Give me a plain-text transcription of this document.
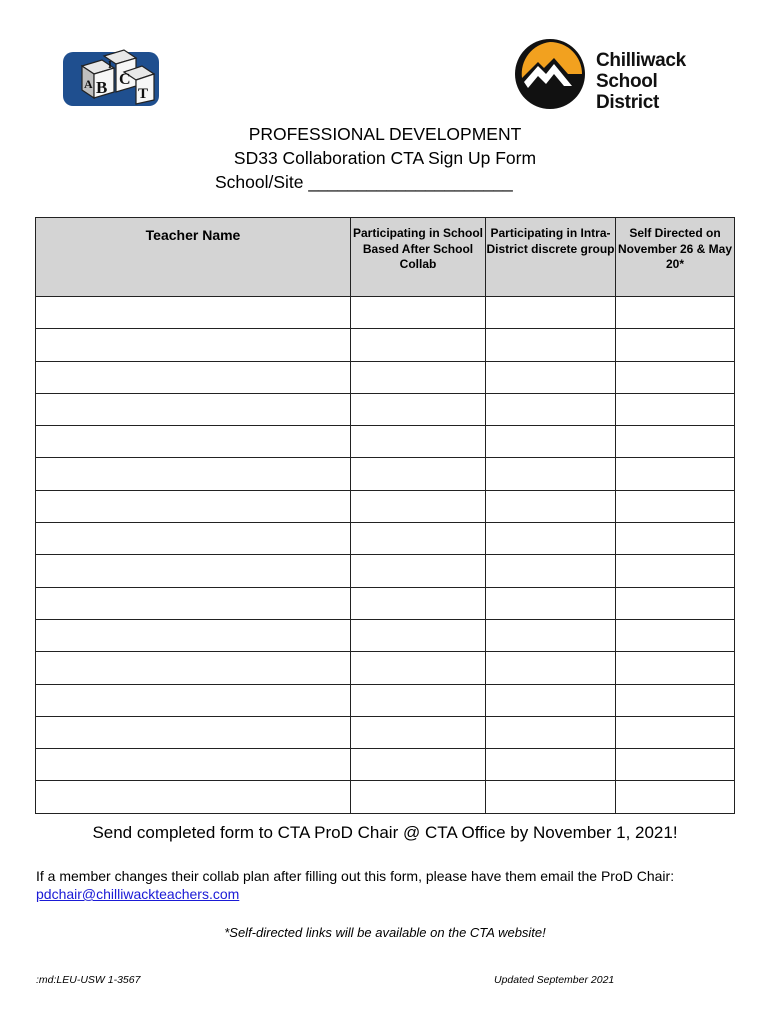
B
A C
T
I	Chilliwack
School District
PROFESSIONAL DEVELOPMENT
SD33 Collaboration CTA Sign Up Form
School/Site _____________________
Teacher Name	Participating in School Based After School Collab	Participating in Intra-District discrete group	Self Directed on November 26 & May 20*

Send completed form to CTA ProD Chair @ CTA Office by November 1, 2021!
If a member changes their collab plan after filling out this form, please have them email the ProD Chair:
pdchair@chilliwackteachers.com
*Self-directed links will be available on the CTA website!
:md:LEU-USW 1-3567	Updated September 2021
